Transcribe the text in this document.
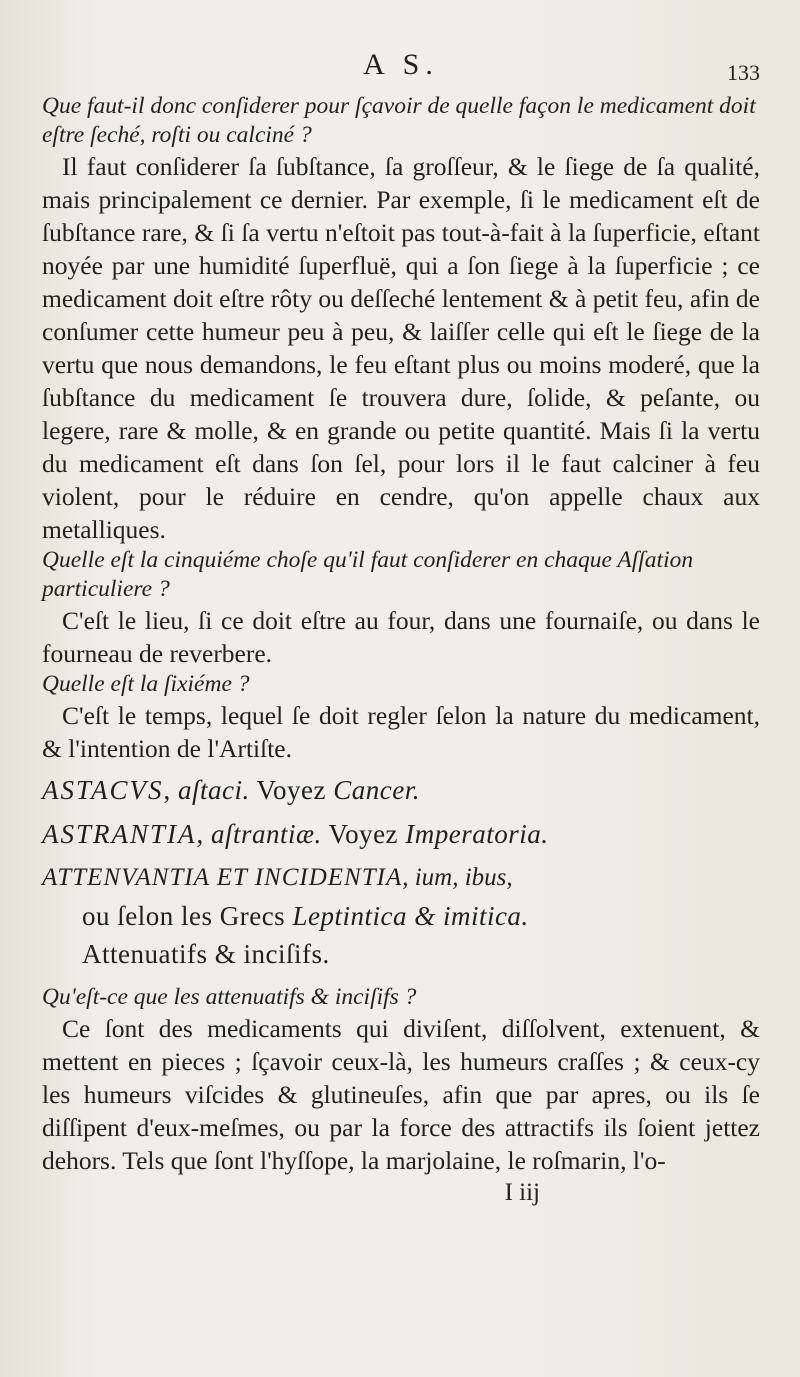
A S.	133

Que faut-il donc conſiderer pour ſçavoir de quelle façon le medicament doit eſtre ſeché, roſti ou calciné ?

Il faut conſiderer ſa ſubſtance, ſa groſſeur, & le ſiege de ſa qualité, mais principalement ce dernier. Par exemple, ſi le medicament eſt de ſubſtance rare, & ſi ſa vertu n'eſtoit pas tout-à-fait à la ſuperficie, eſtant noyée par une humidité ſuperfluë, qui a ſon ſiege à la ſuperficie ; ce medicament doit eſtre rôty ou deſſeché lentement & à petit feu, afin de conſumer cette humeur peu à peu, & laiſſer celle qui eſt le ſiege de la vertu que nous demandons, le feu eſtant plus ou moins moderé, que la ſubſtance du medicament ſe trouvera dure, ſolide, & peſante, ou legere, rare & molle, & en grande ou petite quantité. Mais ſi la vertu du medicament eſt dans ſon ſel, pour lors il le faut calciner à feu violent, pour le réduire en cendre, qu'on appelle chaux aux metalliques.

Quelle eſt la cinquiéme choſe qu'il faut conſiderer en chaque Aſſation particuliere ?

C'eſt le lieu, ſi ce doit eſtre au four, dans une fournaiſe, ou dans le fourneau de reverbere.

Quelle eſt la ſixiéme ?

C'eſt le temps, lequel ſe doit regler ſelon la nature du medicament, & l'intention de l'Artiſte.

ASTACVS, aſtaci. Voyez Cancer.

ASTRANTIA, aſtrantiæ. Voyez Imperatoria.

ATTENVANTIA ET INCIDENTIA, ium, ibus,

ou ſelon les Grecs Leptintica & imitica.

Attenuatifs & inciſifs.

Qu'eſt-ce que les attenuatifs & inciſifs ?

Ce ſont des medicaments qui diviſent, diſſolvent, extenuent, & mettent en pieces ; ſçavoir ceux-là, les humeurs craſſes ; & ceux-cy les humeurs viſcides & glutineuſes, afin que par apres, ou ils ſe diſſipent d'eux-meſmes, ou par la force des attractifs ils ſoient jettez dehors. Tels que ſont l'hyſſope, la marjolaine, le roſmarin, l'o-

I iij
